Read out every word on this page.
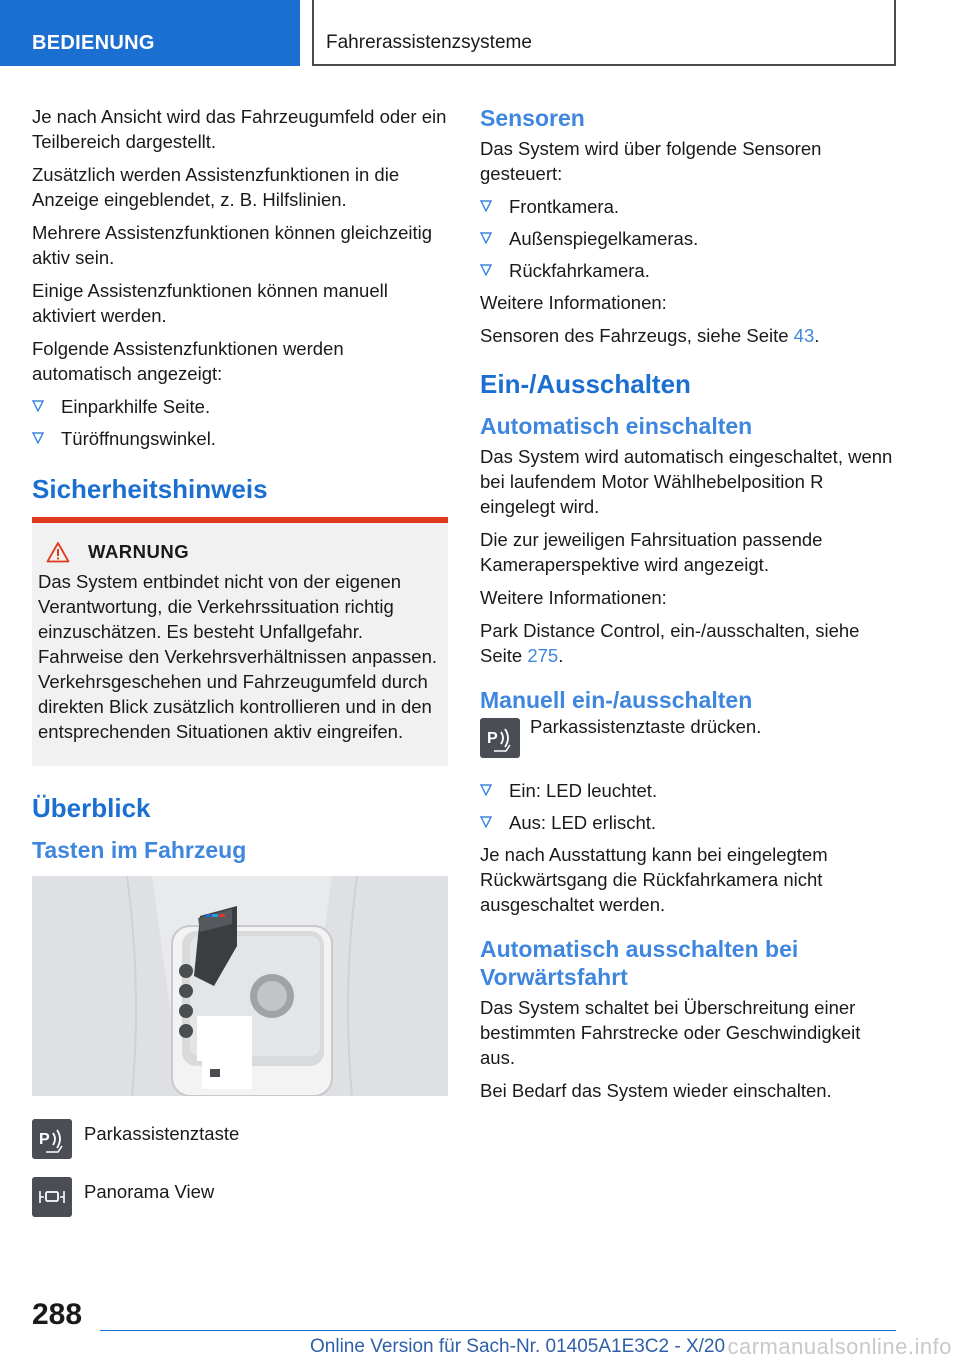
BEDIENUNG	Fahrerassistenzsysteme

Je nach Ansicht wird das Fahrzeugumfeld oder ein Teilbereich dargestellt.

Zusätzlich werden Assistenzfunktionen in die Anzeige eingeblendet, z. B. Hilfslinien.

Mehrere Assistenzfunktionen können gleichzeitig aktiv sein.

Einige Assistenzfunktionen können manuell aktiviert werden.

Folgende Assistenzfunktionen werden automatisch angezeigt:

Einparkhilfe Seite.
Türöffnungswinkel.
Sicherheitshinweis
WARNUNG

Das System entbindet nicht von der eigenen Verantwortung, die Verkehrssituation richtig einzuschätzen. Es besteht Unfallgefahr. Fahrweise den Verkehrsverhältnissen anpassen. Verkehrsgeschehen und Fahrzeugumfeld durch direkten Blick zusätzlich kontrollieren und in den entsprechenden Situationen aktiv eingreifen.

Überblick
Tasten im Fahrzeug
P Parkassistenztaste
Panorama View
Sensoren

Das System wird über folgende Sensoren gesteuert:

Frontkamera.
Außenspiegelkameras.
Rückfahrkamera.

Weitere Informationen:

Sensoren des Fahrzeugs, siehe Seite 43.

Ein-/Ausschalten
Automatisch einschalten

Das System wird automatisch eingeschaltet, wenn bei laufendem Motor Wählhebelposition R eingelegt wird.

Die zur jeweiligen Fahrsituation passende Kameraperspektive wird angezeigt.

Weitere Informationen:

Park Distance Control, ein-/ausschalten, siehe Seite 275.

Manuell ein-/ausschalten
P
Parkassistenztaste drücken.
Ein: LED leuchtet.
Aus: LED erlischt.

Je nach Ausstattung kann bei eingelegtem Rückwärtsgang die Rückfahrkamera nicht ausgeschaltet werden.

Automatisch ausschalten bei Vorwärtsfahrt

Das System schaltet bei Überschreitung einer bestimmten Fahrstrecke oder Geschwindigkeit aus.

Bei Bedarf das System wieder einschalten.

288
Online Version für Sach-Nr. 01405A1E3C2 - X/20 carmanualsonline.info
